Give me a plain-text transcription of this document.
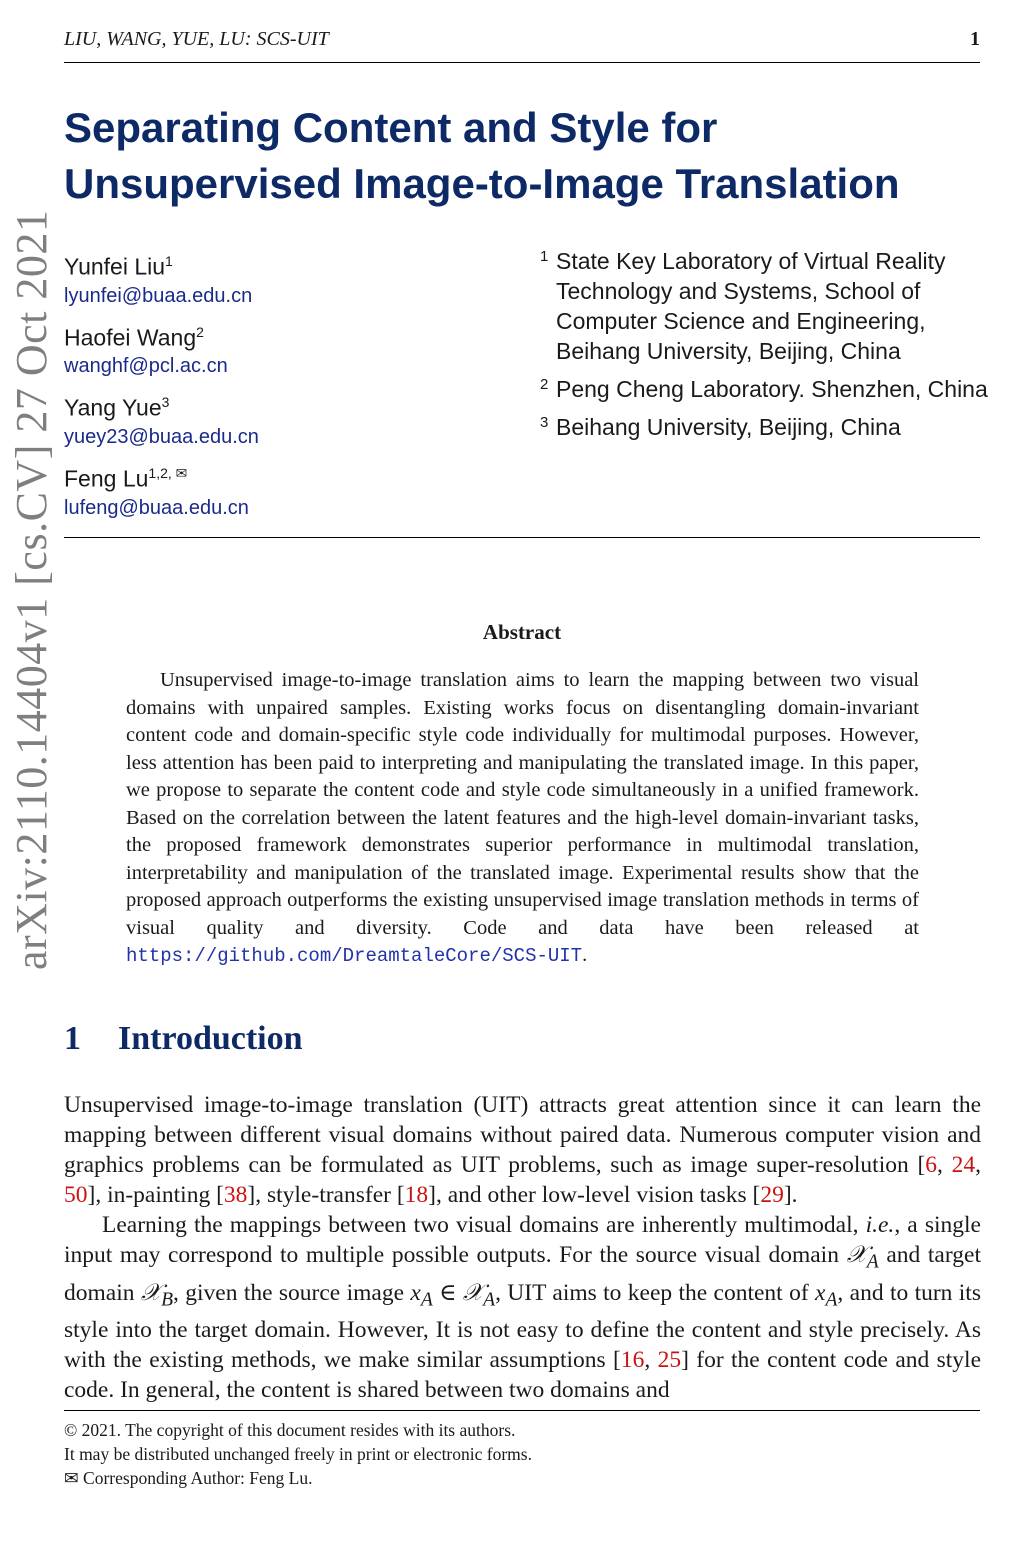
LIU, WANG, YUE, LU: SCS-UIT	1
arXiv:2110.14404v1 [cs.CV] 27 Oct 2021
Separating Content and Style for
Unsupervised Image-to-Image Translation
Yunfei Liu$^1$
lyunfei@buaa.edu.cn
Haofei Wang$^2$
wanghf@pcl.ac.cn
Yang Yue$^3$
yuey23@buaa.edu.cn
Feng $Lu^{1,2, ✉}$
lufeng@buaa.edu.cn
1 State Key Laboratory of Virtual Reality Technology and Systems, School of Computer Science and Engineering, Beihang University, Beijing, China
2 Peng Cheng Laboratory. Shenzhen, China
3 Beihang University, Beijing, China
Abstract

Unsupervised image-to-image translation aims to learn the mapping between two visual domains with unpaired samples. Existing works focus on disentangling domain-invariant content code and domain-specific style code individually for multimodal purposes. However, less attention has been paid to interpreting and manipulating the translated image. In this paper, we propose to separate the content code and style code simultaneously in a unified framework. Based on the correlation between the latent features and the high-level domain-invariant tasks, the proposed framework demonstrates superior performance in multimodal translation, interpretability and manipulation of the translated image. Experimental results show that the proposed approach outperforms the existing unsupervised image translation methods in terms of visual quality and diversity. Code and data have been released at https://github.com/DreamtaleCore/SCS-UIT.

1 Introduction

Unsupervised image-to-image translation (UIT) attracts great attention since it can learn the mapping between different visual domains without paired data. Numerous computer vision and graphics problems can be formulated as UIT problems, such as image super-resolution [6, 24, 50], in-painting [38], style-transfer [18], and other low-level vision tasks [29].

Learning the mappings between two visual domains are inherently multimodal, i.e., a single input may correspond to multiple possible outputs. For the source visual domain 𝒳$_A$ and target domain 𝒳$_B$, given the source image $x_A$ ∈ 𝒳$_A$, UIT aims to keep the content of $x_A$, and to turn its style into the target domain. However, It is not easy to define the content and style precisely. As with the existing methods, we make similar assumptions [16, 25] for the content code and style code. In general, the content is shared between two domains and

© 2021. The copyright of this document resides with its authors.
It may be distributed unchanged freely in print or electronic forms.
✉ Corresponding Author: Feng Lu.
